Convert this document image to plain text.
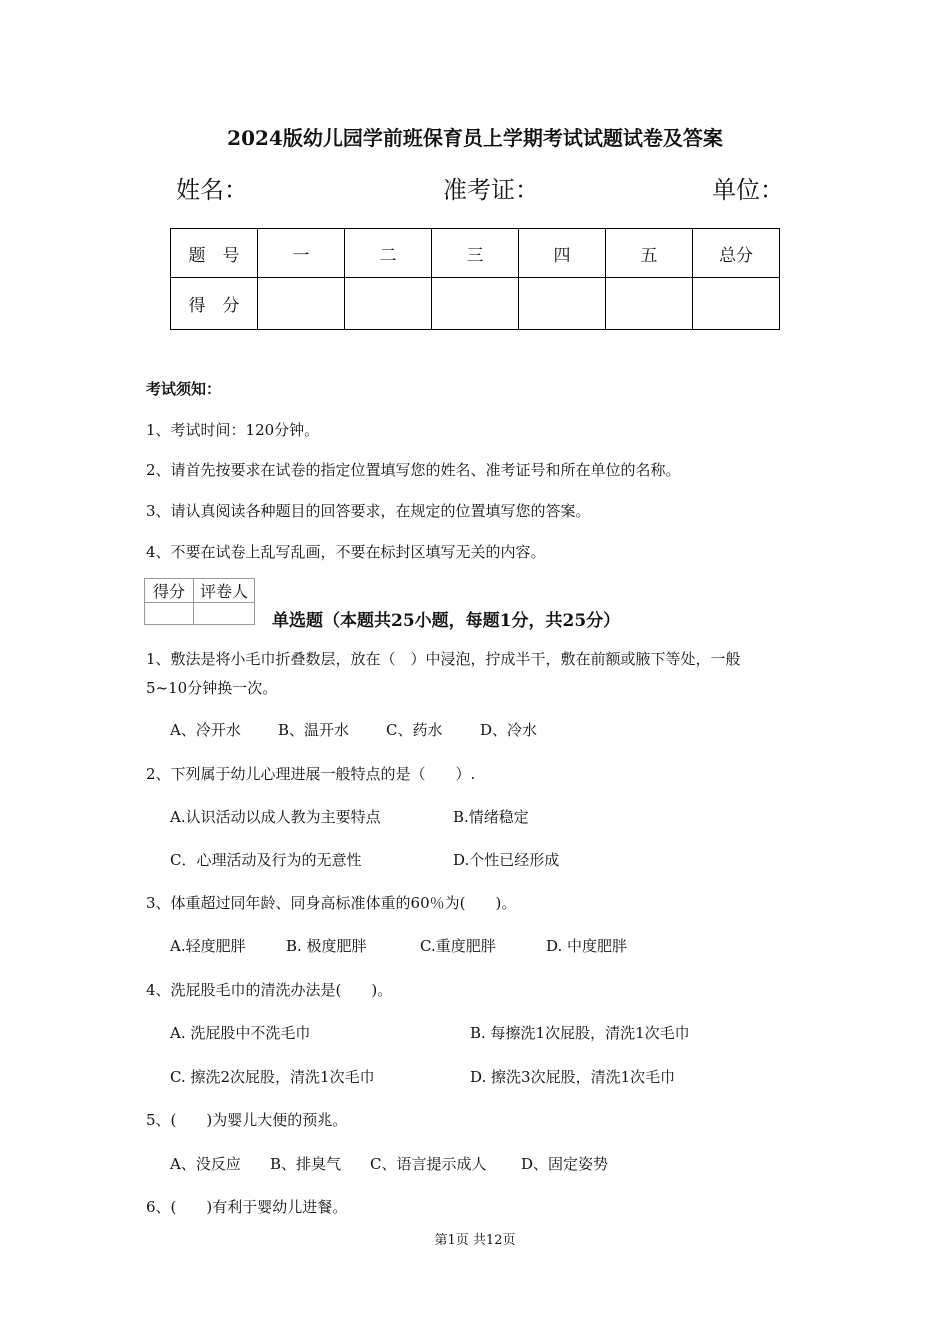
2024版幼儿园学前班保育员上学期考试试题试卷及答案
姓名：	准考证：	单位：
题　号	一	二	三	四	五	总分
得　分						
考试须知：
1、考试时间：120分钟。
2、请首先按要求在试卷的指定位置填写您的姓名、准考证号和所在单位的名称。
3、请认真阅读各种题目的回答要求，在规定的位置填写您的答案。
4、不要在试卷上乱写乱画，不要在标封区填写无关的内容。
得分	评卷人

单选题（本题共25小题，每题1分，共25分）
1、敷法是将小毛巾折叠数层，放在（　）中浸泡，拧成半干，敷在前额或腋下等处，一般
5~10分钟换一次。
A、冷开水 B、温开水 C、药水	D、冷水
2、下列属于幼儿心理进展一般特点的是（　　）.
A.认识活动以成人教为主要特点	B.情绪稳定
C．心理活动及行为的无意性	D.个性已经形成
3、体重超过同年龄、同身高标准体重的60％为(　　)。
A.轻度肥胖	B. 极度肥胖	C.重度肥胖	D. 中度肥胖
4、洗屁股毛巾的清洗办法是(　　)。
A. 洗屁股中不洗毛巾	B. 每擦洗1次屁股，清洗1次毛巾
C. 擦洗2次屁股，清洗1次毛巾	D. 擦洗3次屁股，清洗1次毛巾
5、(　　)为婴儿大便的预兆。
A、没反应 B、排臭气 C、语言提示成人 D、固定姿势
6、(　　)有利于婴幼儿进餐。
第1页 共12页
